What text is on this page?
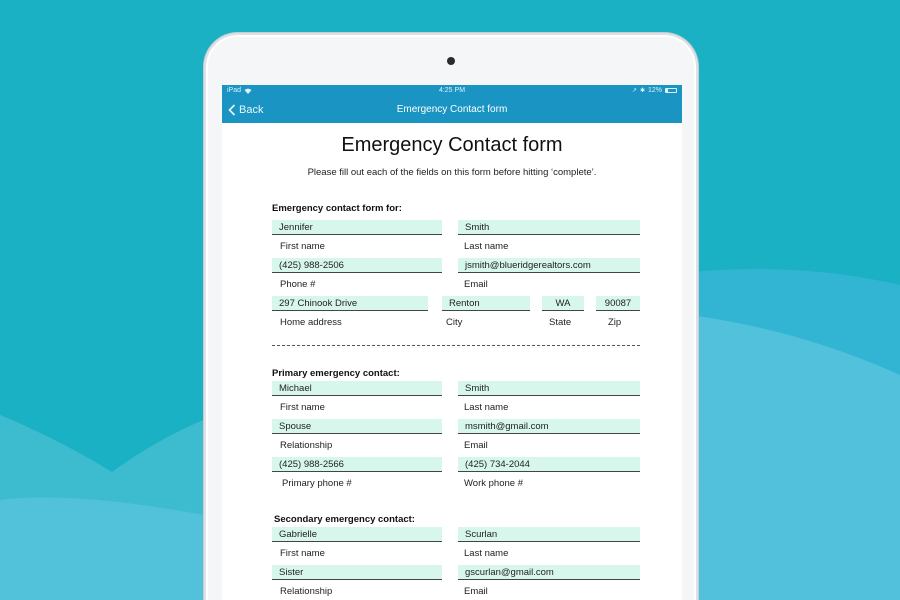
iPad	4:25 PM	↗ ✱ 12%
Back	Emergency Contact form
Emergency Contact form
Please fill out each of the fields on this form before hitting ‘complete’.
Emergency contact form for:
Jennifer
First name
Smith
Last name
(425) 988-2506
Phone #
jsmith@blueridgerealtors.com
Email
297 Chinook Drive
Home address
Renton
City
WA
State
90087
Zip
Primary emergency contact:
Michael
First name
Smith
Last name
Spouse
Relationship
msmith@gmail.com
Email
(425) 988-2566
Primary phone #
(425) 734-2044
Work phone #
Secondary emergency contact:
Gabrielle
First name
Scurlan
Last name
Sister
Relationship
gscurlan@gmail.com
Email
